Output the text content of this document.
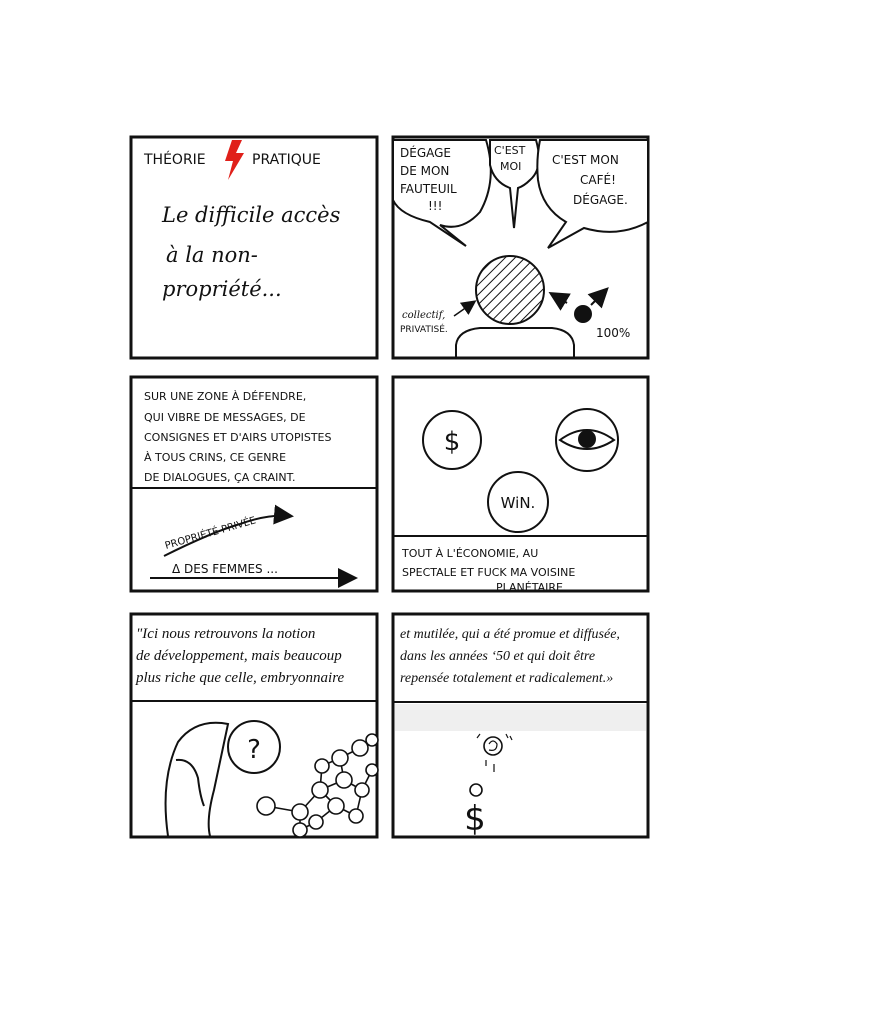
THÉORIE	PRATIQUE
Le difficile accès
à la non-
propriété...
DÉGAGE
DE MON
FAUTEUIL
!!!
C'EST
MOI	C'EST MON
CAFÉ!
DÉGAGE.
collectif,
PRIVATISÉ.	100%
SUR UNE ZONE À DÉFENDRE,
QUI VIBRE DE MESSAGES, DE
CONSIGNES ET D'AIRS UTOPISTES
À TOUS CRINS, CE GENRE
DE DIALOGUES, ÇA CRAINT.
PROPRIÉTÉ PRIVÉE
Δ DES FEMMES ...
$
WiN.
TOUT À L'ÉCONOMIE, AU
SPECTALE ET FUCK MA VOISINE
PLANÉTAIRE.
"Ici nous retrouvons la notion
de développement, mais beaucoup
plus riche que celle, embryonnaire
?
et mutilée, qui a été promue et diffusée,
dans les années ‘50 et qui doit être
repensée totalement et radicalement.»
$
